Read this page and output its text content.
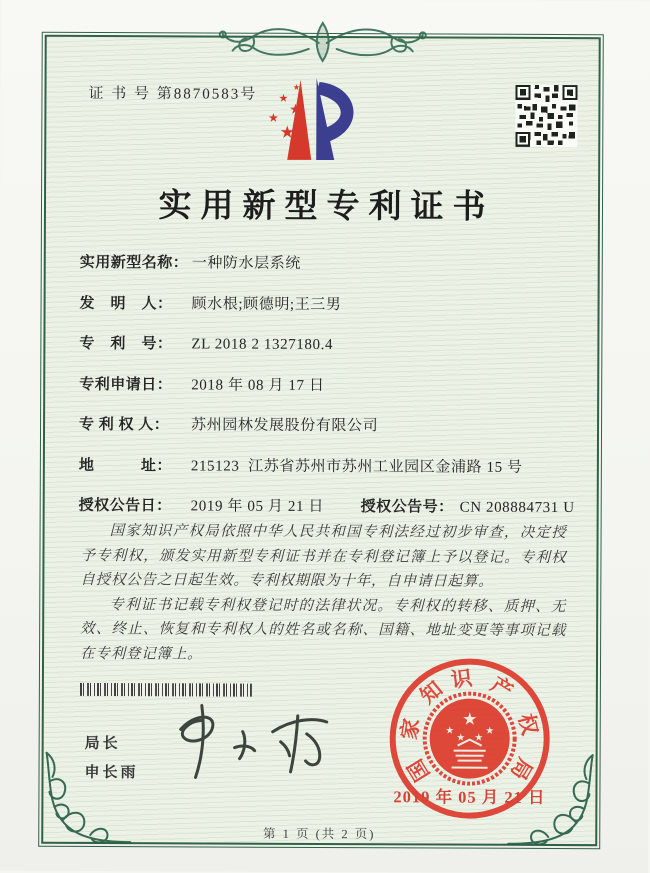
证 书 号 第8870583号	★
★
★
★
★
实用新型专利证书
实用新型名称： 一种防水层系统
发　明　人：	顾水根;顾德明;王三男
专　利　号：	ZL 2018 2 1327180.4
专利申请日：	2018 年 08 月 17 日
专 利 权 人：	苏州园林发展股份有限公司
地　　　址：	215123  江苏省苏州市苏州工业园区金浦路 15 号
授权公告日：	2019 年 05 月 21 日 授权公告号： CN 208884731 U

国家知识产权局依照中华人民共和国专利法经过初步审查，决定授予专利权，颁发实用新型专利证书并在专利登记簿上予以登记。专利权自授权公告之日起生效。专利权期限为十年，自申请日起算。

专利证书记载专利权登记时的法律状况。专利权的转移、质押、无效、终止、恢复和专利权人的姓名或名称、国籍、地址变更等事项记载在专利登记簿上。

局长
申长雨	国
家
知 识 产
权
局
★
★
★ ★
★
2019 年 05 月 21 日
第 1 页 (共 2 页)
